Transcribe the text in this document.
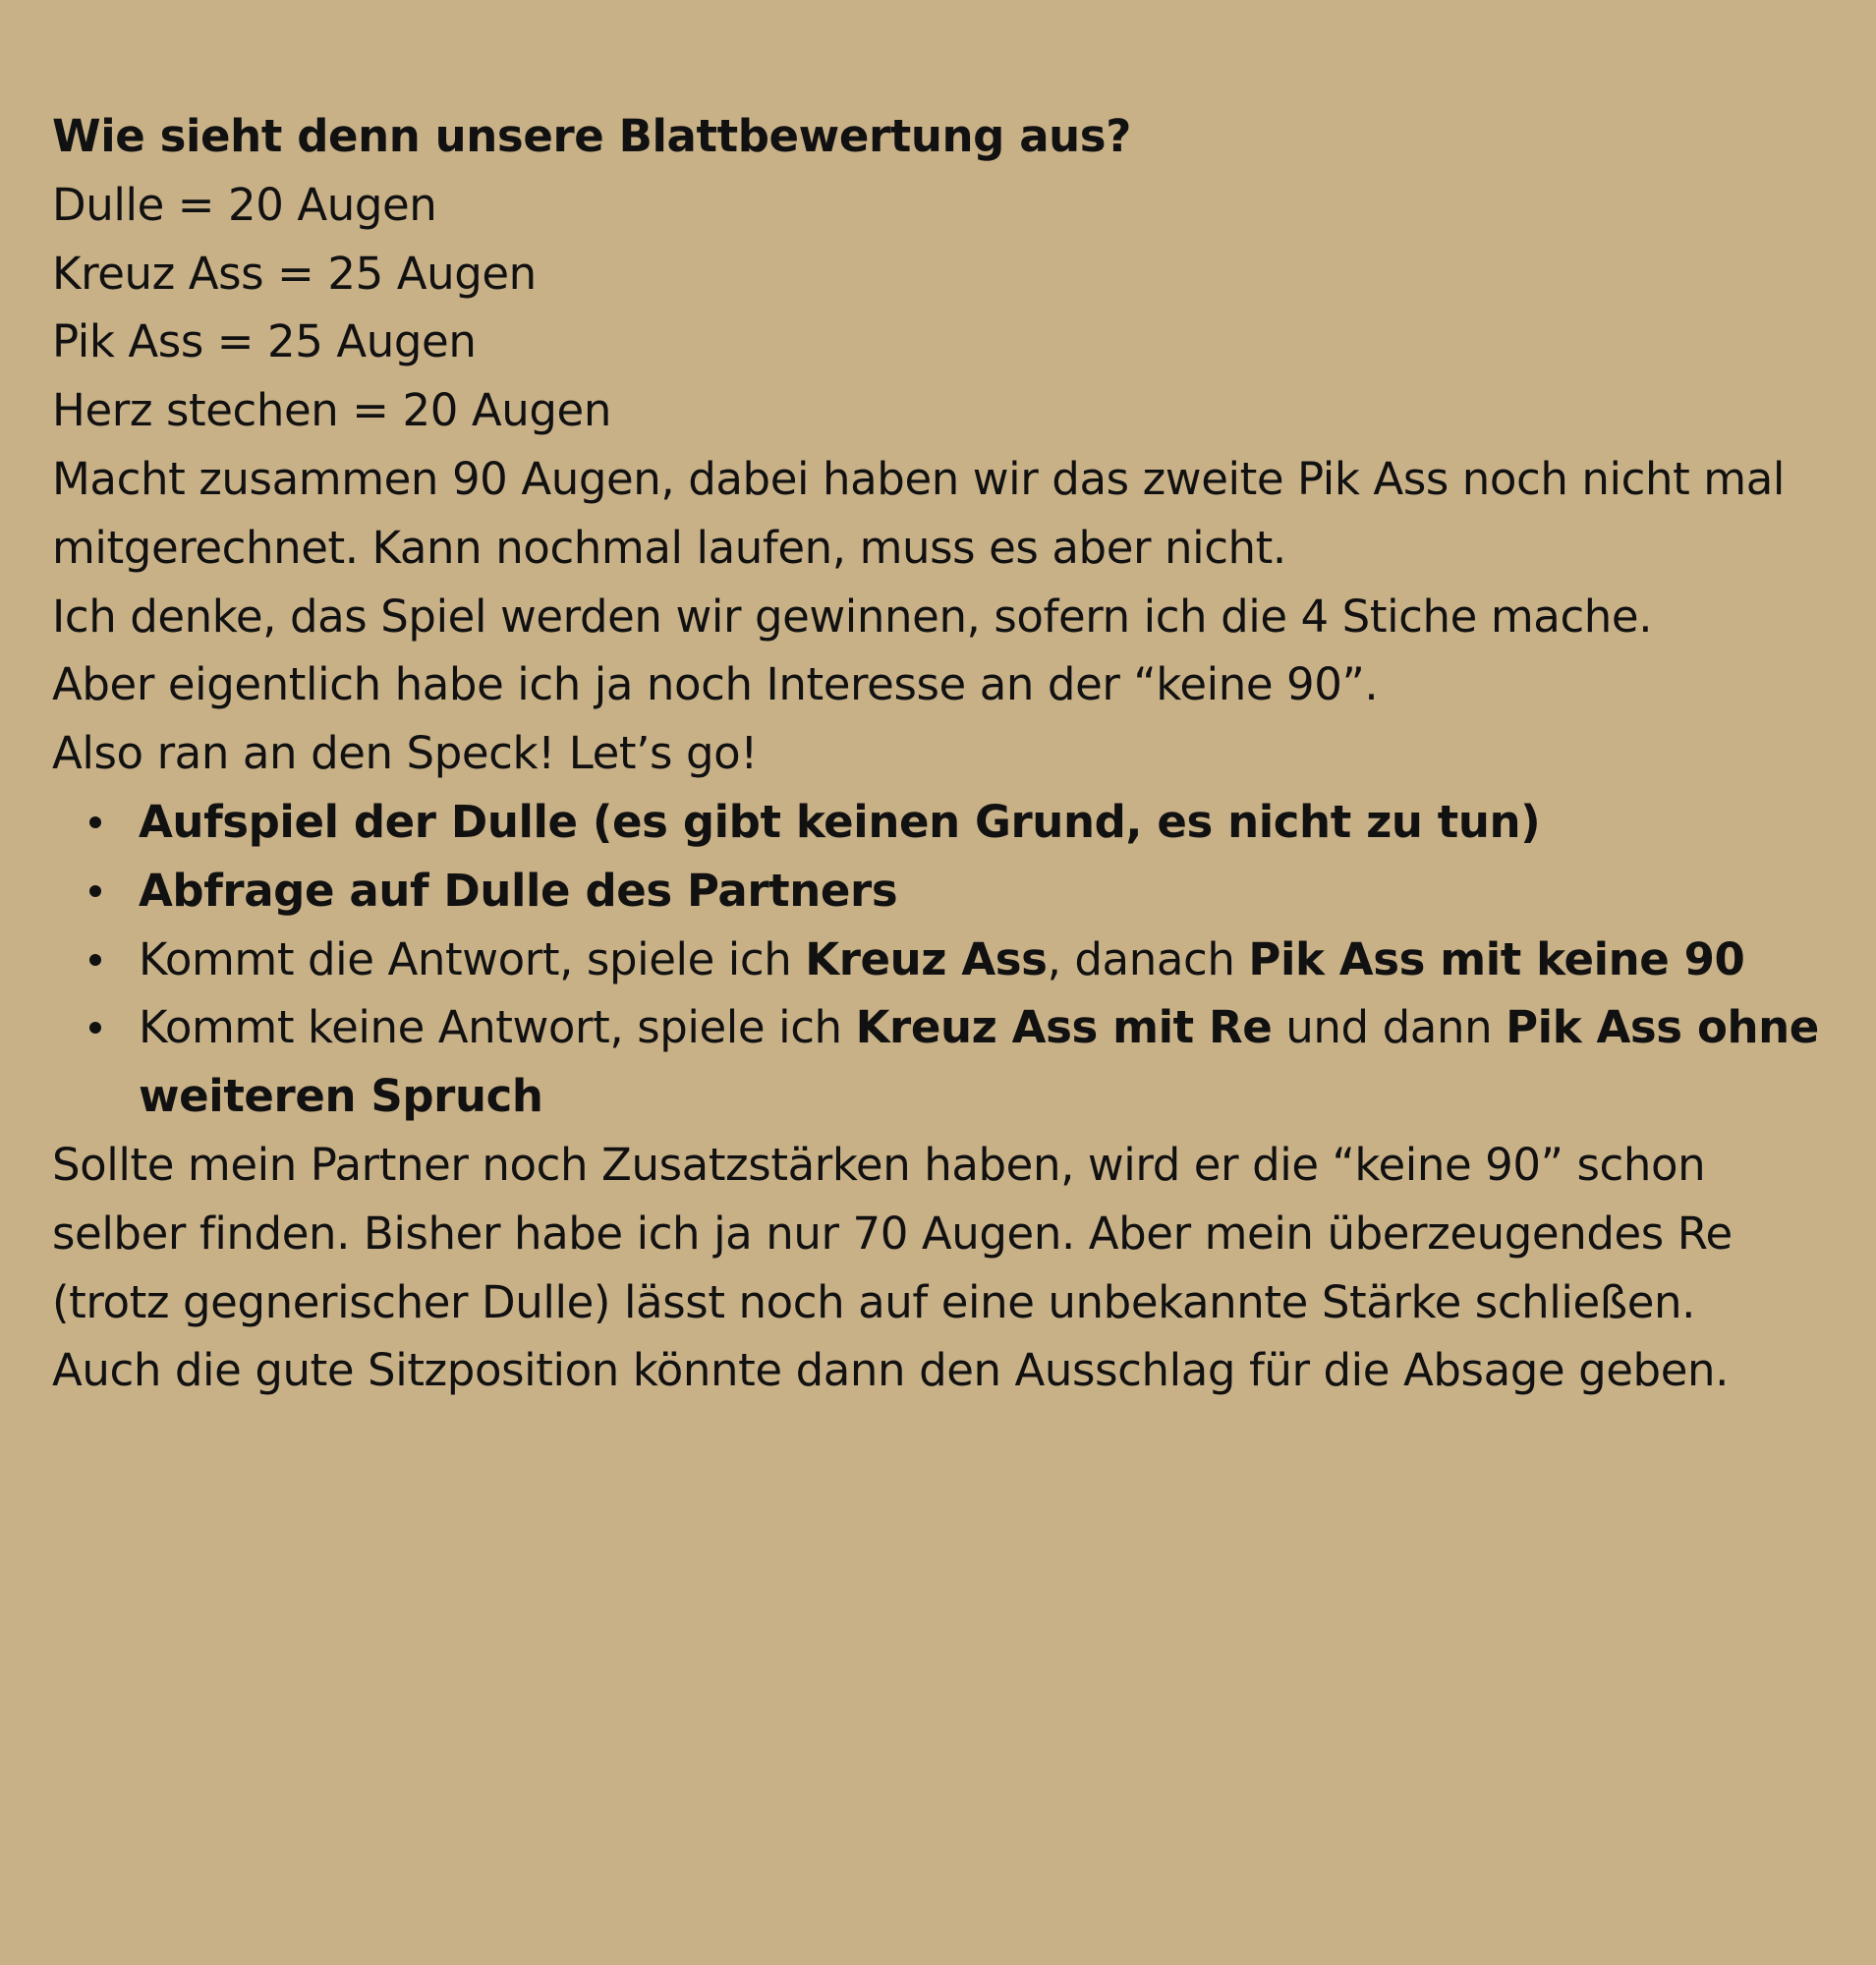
Wie sieht denn unsere Blattbewertung aus?
Dulle = 20 Augen
Kreuz Ass = 25 Augen
Pik Ass = 25 Augen
Herz stechen = 20 Augen
Macht zusammen 90 Augen, dabei haben wir das zweite Pik Ass noch nicht mal mitgerechnet. Kann nochmal laufen, muss es aber nicht.
Ich denke, das Spiel werden wir gewinnen, sofern ich die 4 Stiche mache.
Aber eigentlich habe ich ja noch Interesse an der “keine 90”.
Also ran an den Speck! Let’s go!
Aufspiel der Dulle (es gibt keinen Grund, es nicht zu tun)
Abfrage auf Dulle des Partners
Kommt die Antwort, spiele ich Kreuz Ass, danach Pik Ass mit keine 90
Kommt keine Antwort, spiele ich Kreuz Ass mit Re und dann Pik Ass ohne weiteren Spruch
Sollte mein Partner noch Zusatzstärken haben, wird er die “keine 90” schon selber finden. Bisher habe ich ja nur 70 Augen. Aber mein überzeugendes Re (trotz gegnerischer Dulle) lässt noch auf eine unbekannte Stärke schließen.
Auch die gute Sitzposition könnte dann den Ausschlag für die Absage geben.
